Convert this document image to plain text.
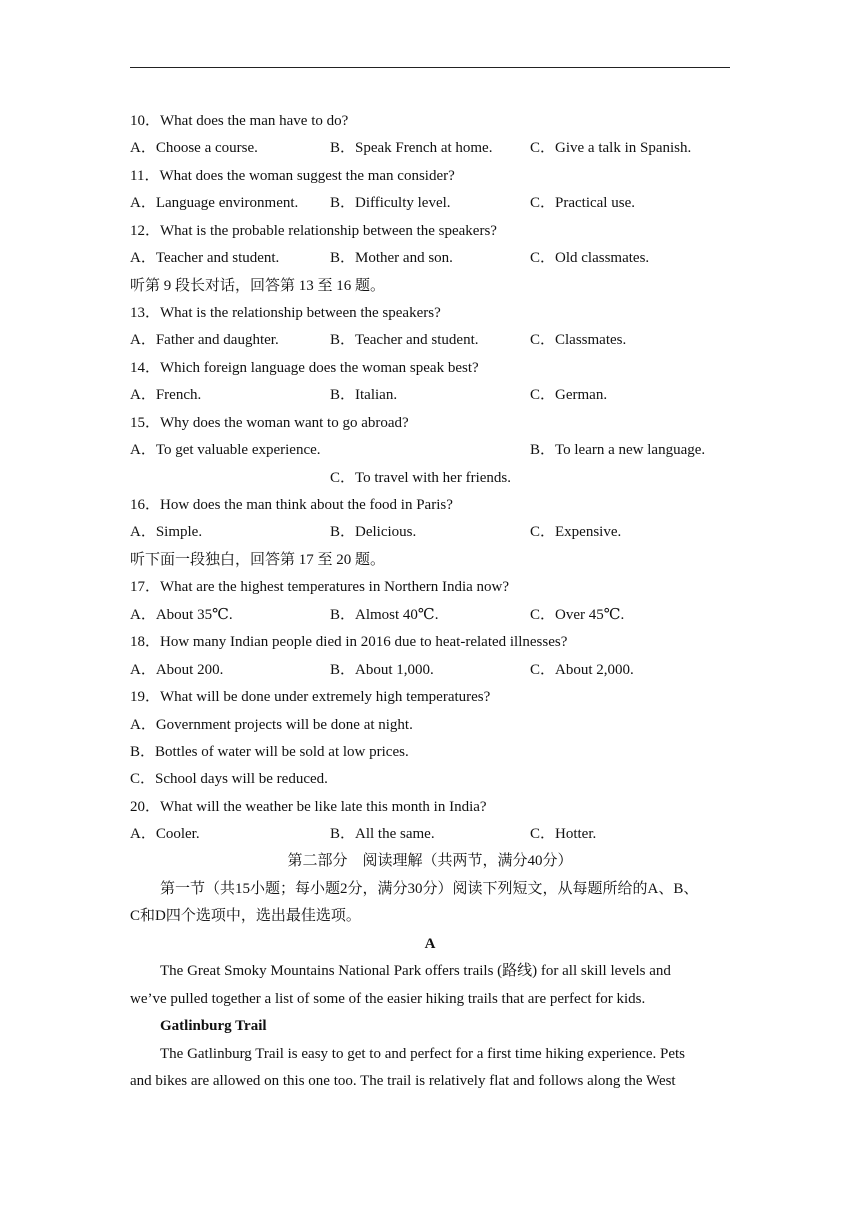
10．What does the man have to do?
A．Choose a course.	B．Speak French at home.	C．Give a talk in Spanish.
11．What does the woman suggest the man consider?
A．Language environment. B．Difficulty level.	C．Practical use.
12．What is the probable relationship between the speakers?
A．Teacher and student.	B．Mother and son.	C．Old classmates.
听第 9 段长对话，回答第 13 至 16 题。
13．What is the relationship between the speakers?
A．Father and daughter.	B．Teacher and student.	C．Classmates.
14．Which foreign language does the woman speak best?
A．French.	B．Italian.	C．German.
15．Why does the woman want to go abroad?
A．To get valuable experience.	B．To learn a new language.
C．To travel with her friends.
16．How does the man think about the food in Paris?
A．Simple.	B．Delicious.	C．Expensive.
听下面一段独白，回答第 17 至 20 题。
17．What are the highest temperatures in Northern India now?
A．About 35℃.	B．Almost 40℃.	C．Over 45℃.
18．How many Indian people died in 2016 due to heat-related illnesses?
A．About 200.	B．About 1,000.	C．About 2,000.
19．What will be done under extremely high temperatures?
A．Government projects will be done at night.
B．Bottles of water will be sold at low prices.
C．School days will be reduced.
20．What will the weather be like late this month in India?
A．Cooler.	B．All the same.	C．Hotter.
第二部分　阅读理解（共两节，满分40分）
第一节（共15小题；每小题2分，满分30分）阅读下列短文，从每题所给的A、B、
C和D四个选项中，选出最佳选项。
A
The Great Smoky Mountains National Park offers trails (路线) for all skill levels and
we’ve pulled together a list of some of the easier hiking trails that are perfect for kids.
Gatlinburg Trail
The Gatlinburg Trail is easy to get to and perfect for a first time hiking experience. Pets
and bikes are allowed on this one too. The trail is relatively flat and follows along the West
